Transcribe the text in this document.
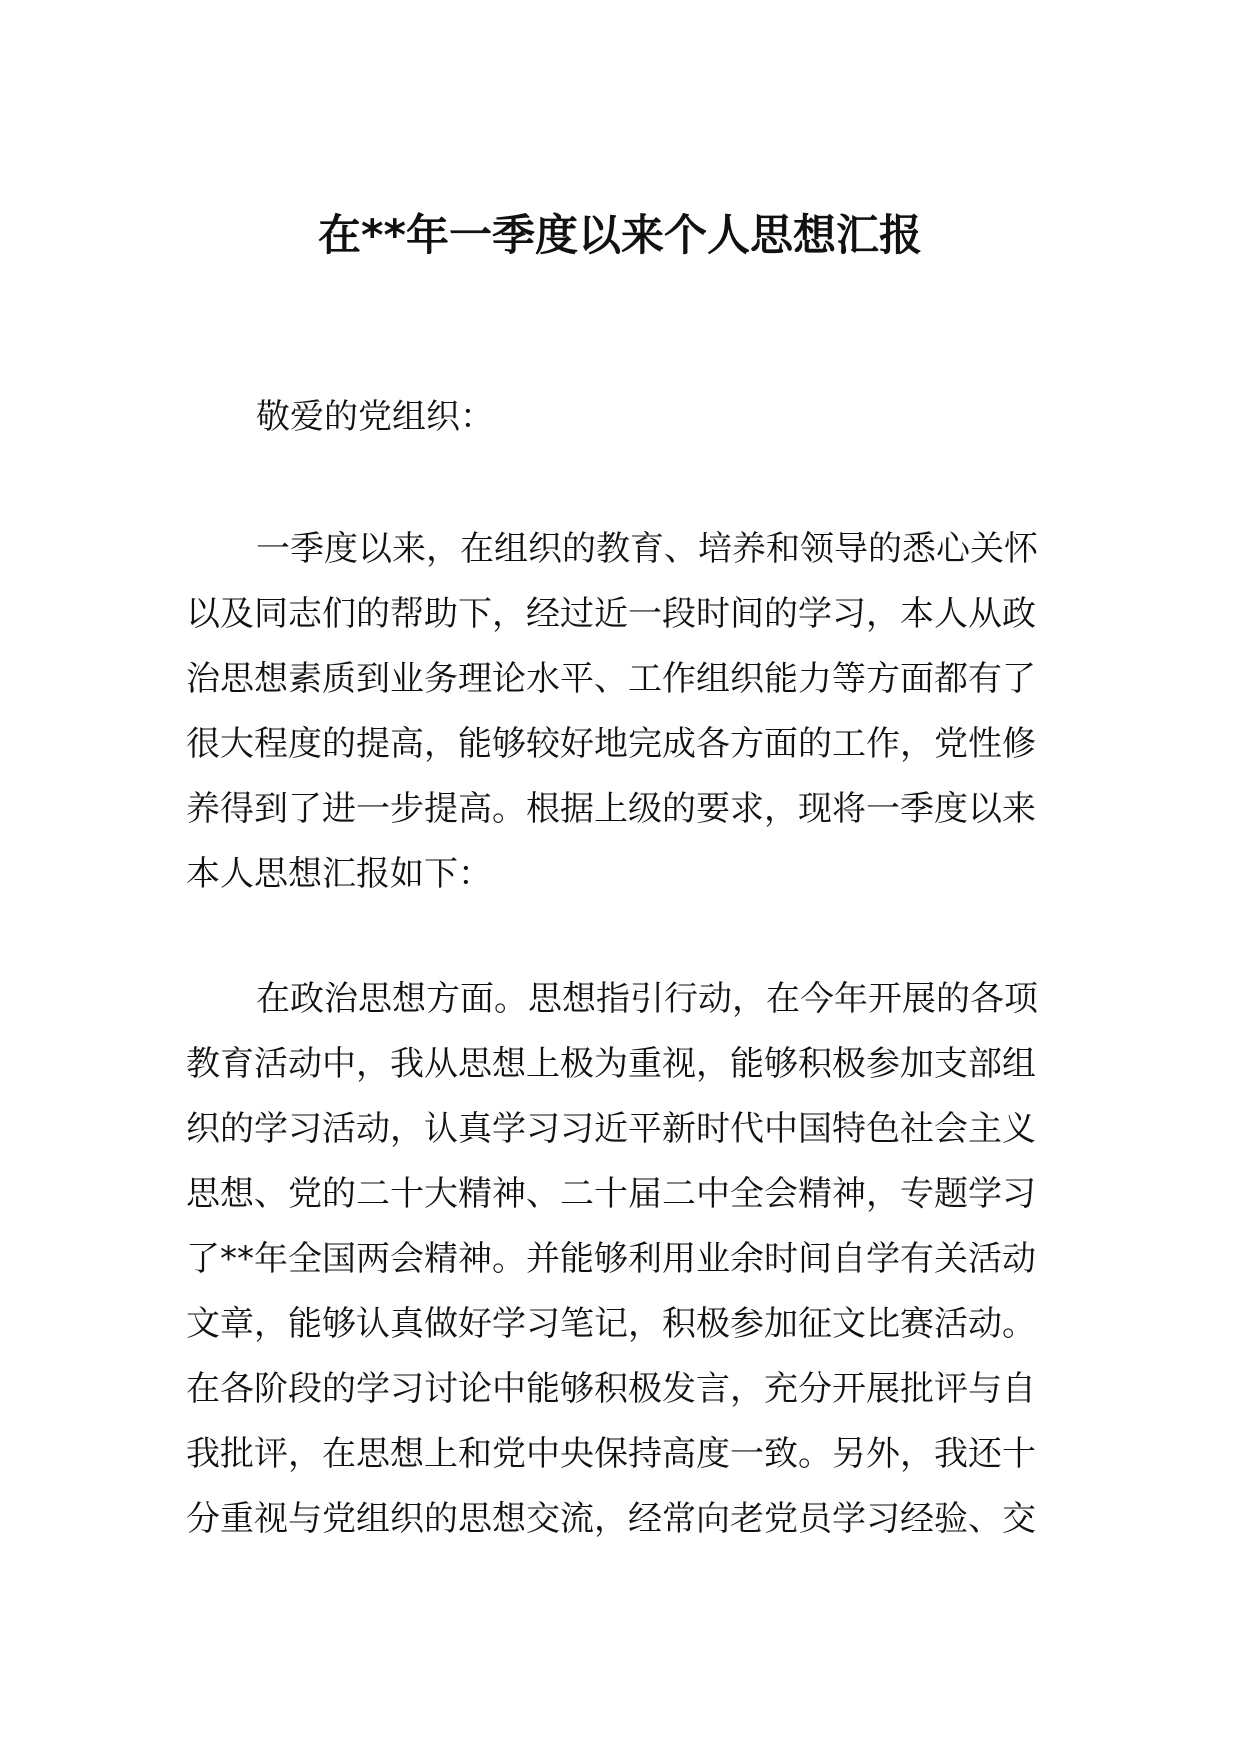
在**年一季度以来个人思想汇报

敬爱的党组织：

一季度以来，在组织的教育、培养和领导的悉心关怀
以及同志们的帮助下，经过近一段时间的学习，本人从政
治思想素质到业务理论水平、工作组织能力等方面都有了
很大程度的提高，能够较好地完成各方面的工作，党性修
养得到了进一步提高。根据上级的要求，现将一季度以来
本人思想汇报如下：
在政治思想方面。思想指引行动，在今年开展的各项
教育活动中，我从思想上极为重视，能够积极参加支部组
织的学习活动，认真学习习近平新时代中国特色社会主义
思想、党的二十大精神、二十届二中全会精神，专题学习
了**年全国两会精神。并能够利用业余时间自学有关活动
文章，能够认真做好学习笔记，积极参加征文比赛活动。
在各阶段的学习讨论中能够积极发言，充分开展批评与自
我批评，在思想上和党中央保持高度一致。另外，我还十
分重视与党组织的思想交流，经常向老党员学习经验、交
